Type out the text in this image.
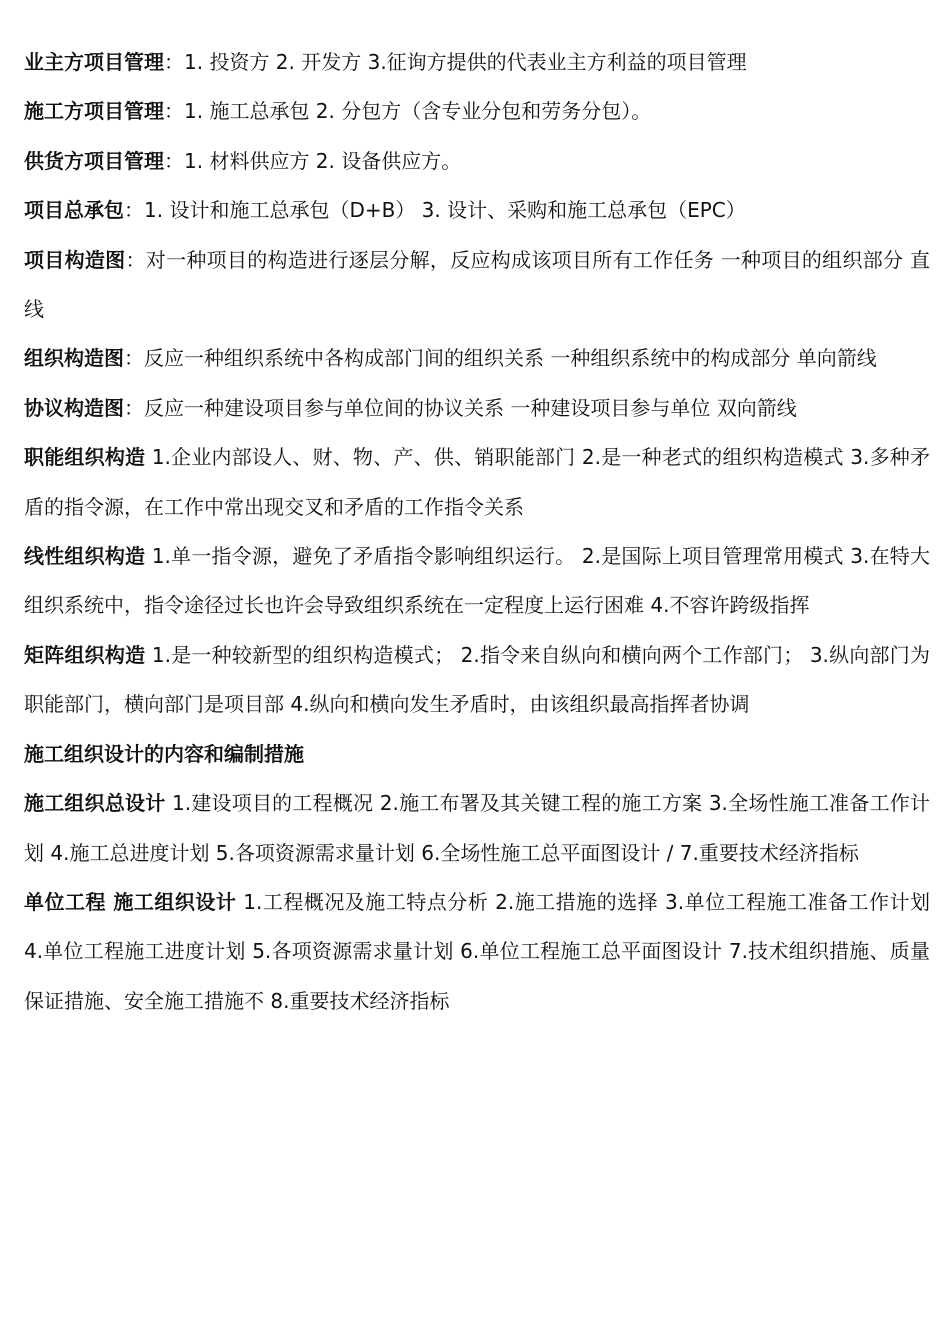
业主方项目管理：1. 投资方 2. 开发方 3.征询方提供的代表业主方利益的项目管理

施工方项目管理：1. 施工总承包 2. 分包方（含专业分包和劳务分包）。

供货方项目管理：1. 材料供应方 2. 设备供应方。

项目总承包：1. 设计和施工总承包（D+B） 3. 设计、采购和施工总承包（EPC）

项目构造图：对一种项目的构造进行逐层分解，反应构成该项目所有工作任务 一种项目的组织部分 直线

组织构造图：反应一种组织系统中各构成部门间的组织关系 一种组织系统中的构成部分 单向箭线

协议构造图：反应一种建设项目参与单位间的协议关系 一种建设项目参与单位 双向箭线

职能组织构造 1.企业内部设人、财、物、产、供、销职能部门 2.是一种老式的组织构造模式 3.多种矛盾的指令源，在工作中常出现交叉和矛盾的工作指令关系

线性组织构造 1.单一指令源，避免了矛盾指令影响组织运行。 2.是国际上项目管理常用模式 3.在特大组织系统中，指令途径过长也许会导致组织系统在一定程度上运行困难 4.不容许跨级指挥

矩阵组织构造 1.是一种较新型的组织构造模式； 2.指令来自纵向和横向两个工作部门； 3.纵向部门为职能部门，横向部门是项目部 4.纵向和横向发生矛盾时，由该组织最高指挥者协调

施工组织设计的内容和编制措施

施工组织总设计 1.建设项目的工程概况 2.施工布署及其关键工程的施工方案 3.全场性施工准备工作计划 4.施工总进度计划 5.各项资源需求量计划 6.全场性施工总平面图设计 / 7.重要技术经济指标

单位工程 施工组织设计 1.工程概况及施工特点分析 2.施工措施的选择 3.单位工程施工准备工作计划 4.单位工程施工进度计划 5.各项资源需求量计划 6.单位工程施工总平面图设计 7.技术组织措施、质量保证措施、安全施工措施不 8.重要技术经济指标
